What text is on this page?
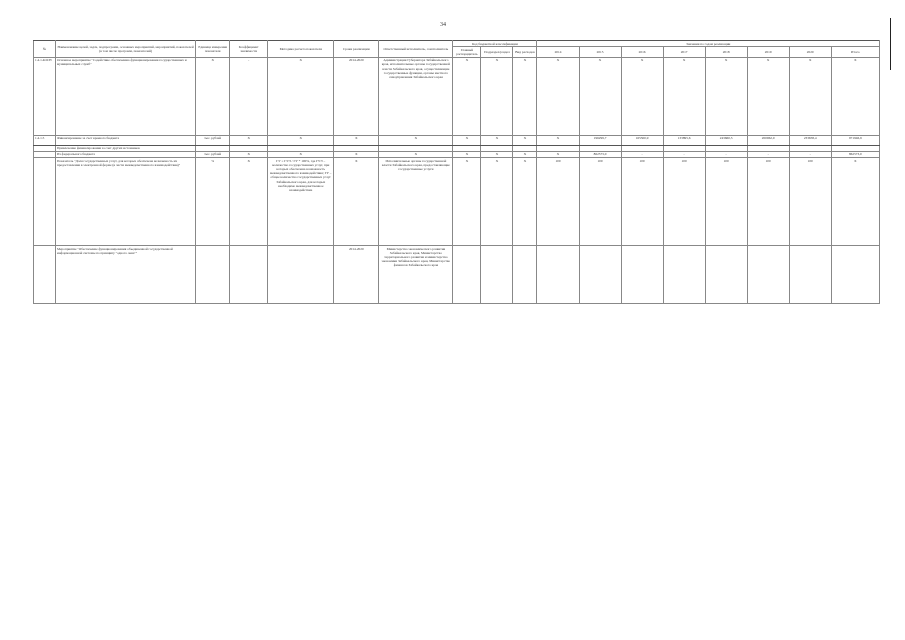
34
№	Наименование целей, задач, подпрограмм, основных мероприятий, мероприятий, показателей (в том числе программ, показателей)	Единица измерения показателя	Коэффициент значимости	Методика расчета показателя	Сроки реализации	Ответственный исполнитель, соисполнитель	Код бюджетной классификации			Значения по годам реализации							
							Главный распорядитель	Подраздел/раздел	Вид расходов	2014	2015	2016	2017	2018	2019	2020	Итого
1.4.1.4ОСН	Основное мероприятие "Содействие обеспечению функционирования государственных и муниципальных служб"	Х	-	Х	2014-2020	Администрация Губернатора Забайкальского края, исполнительные органы государственной власти Забайкальского края, осуществляющие государственные функции, органы местного самоуправления Забайкальского края	Х	Х	Х	Х	Х	Х	Х	Х	Х	Х	Х
1.4.1.5	Финансирование за счет краевого бюджета	тыс. рублей	Х	Х	Х	Х	Х	Х	Х	Х	196299,7	165300,9	133895,6	243660,3	200962,0	233658,4	971946,9
	Привлечение финансирования за счет других источников																
	Из федерального бюджета	тыс. рублей	Х	Х	Х	Х	Х	Х	Х	Х	862573,0	-	-	-	-	-	862573,0
	Показатель "Доля государственных услуг, для которых обеспечена возможность их предоставления в электронной форме (в части межведомственного взаимодействия)"	%	Х	ГУ = ГУЭ / ГУ * 100%, где ГУЭ – количество государственных услуг, при которых обеспечена возможность межведомственного взаимодействия; ГУ – общее количество государственных услуг Забайкальского края, для которых необходимо межведомственное взаимодействие	Х	Исполнительные органы государственной власти Забайкальского края, предоставляющие государственные услуги	Х	Х	Х	100	100	100	100	100	100	100	Х
	Мероприятие "Обеспечение функционирования объединенной государственной информационной системы по принципу "одного окна""				2014-2020	Министерство экономического развития Забайкальского края, Министерство территориального развития и министерство экономики Забайкальского края, Министерство финансов Забайкальского края											
